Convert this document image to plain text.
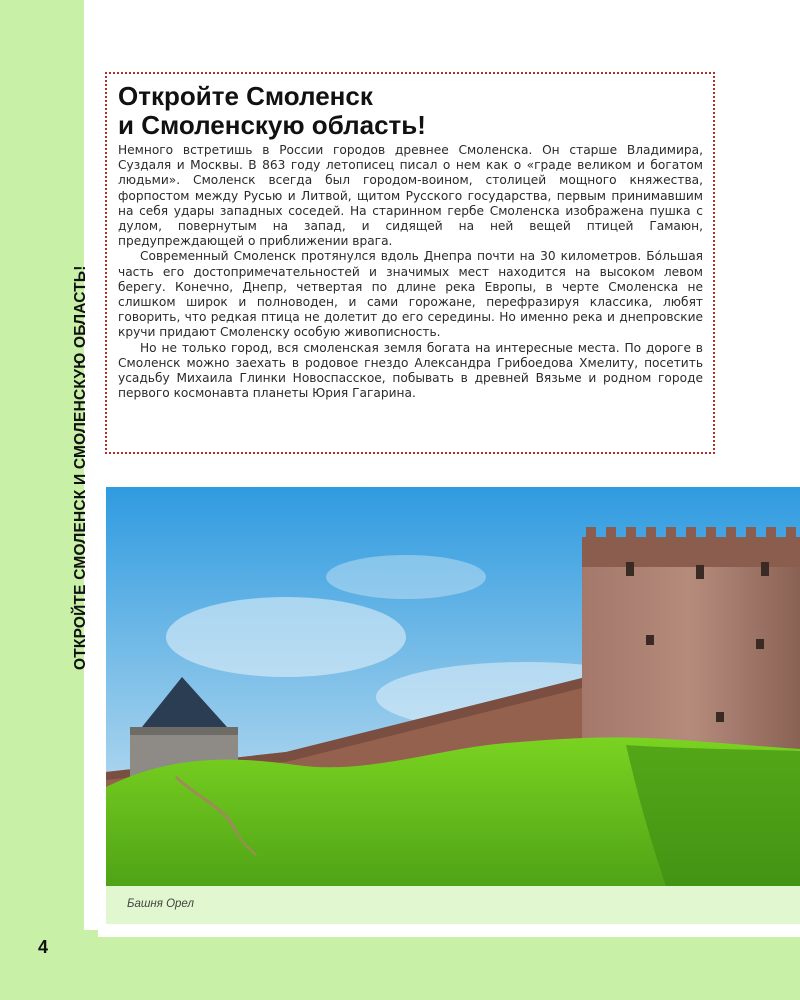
ОТКРОЙТЕ СМОЛЕНСК И СМОЛЕНСКУЮ ОБЛАСТЬ!
Откройте Смоленск
и Смоленскую область!

Немного встретишь в России городов древнее Смоленска. Он старше Владимира, Суздаля и Москвы. В 863 году летописец писал о нем как о «граде великом и богатом людьми». Смоленск всегда был городом-воином, столицей мощного княжества, форпостом между Русью и Литвой, щитом Русского государства, первым принимавшим на себя удары западных соседей. На старинном гербе Смоленска изображена пушка с дулом, повернутым на запад, и сидящей на ней вещей птицей Гамаюн, предупреждающей о приближении врага.

Современный Смоленск протянулся вдоль Днепра почти на 30 километров. Бо́льшая часть его достопримечательностей и значимых мест находится на высоком левом берегу. Конечно, Днепр, четвертая по длине река Европы, в черте Смоленска не слишком широк и полноводен, и сами горожане, перефразируя классика, любят говорить, что редкая птица не долетит до его середины. Но именно река и днепровские кручи придают Смоленску особую живописность.

Но не только город, вся смоленская земля богата на интересные места. По дороге в Смоленск можно заехать в родовое гнездо Александра Грибоедова Хмелиту, посетить усадьбу Михаила Глинки Новоспасское, побывать в древней Вязьме и родном городе первого космонавта планеты Юрия Гагарина.

Башня Орел
4
